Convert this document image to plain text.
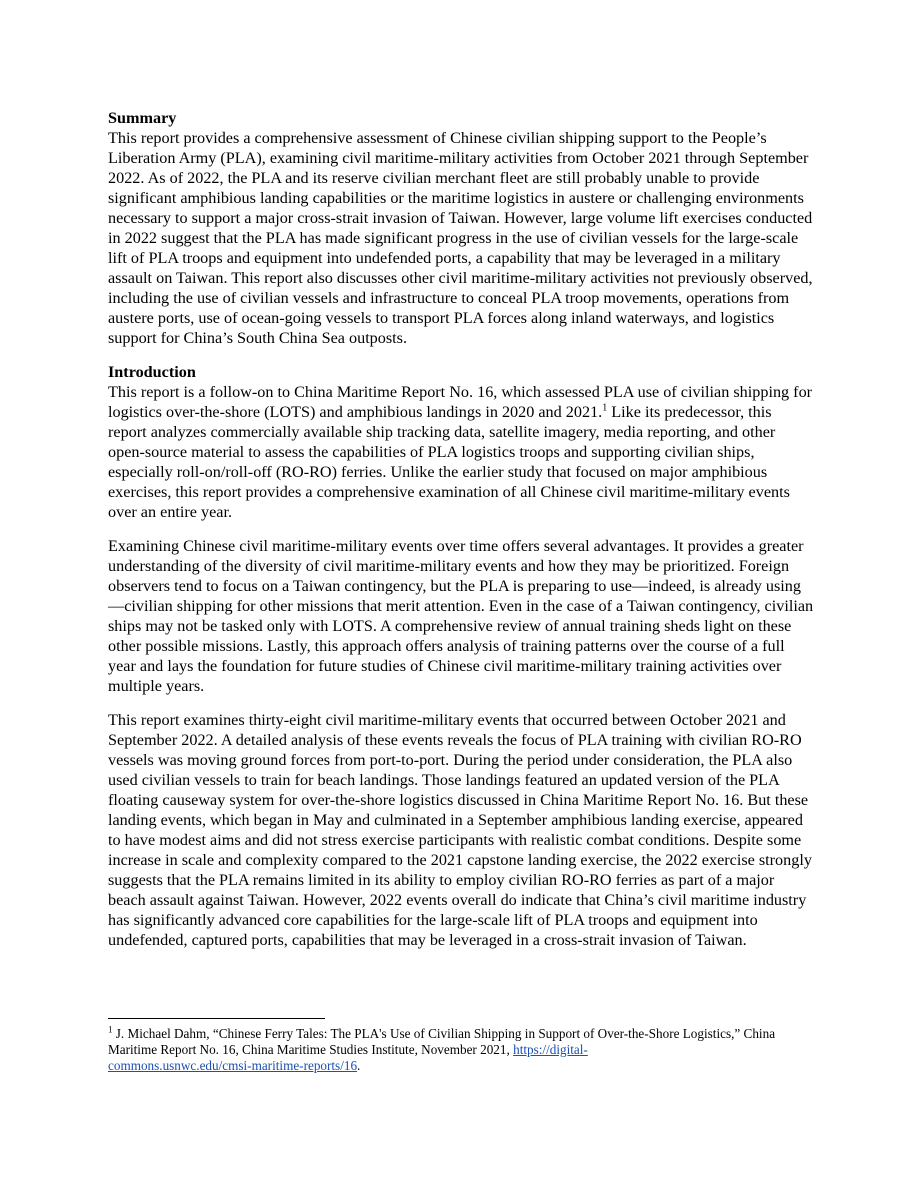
Summary

This report provides a comprehensive assessment of Chinese civilian shipping support to the People’s Liberation Army (PLA), examining civil maritime-military activities from October 2021 through September 2022. As of 2022, the PLA and its reserve civilian merchant fleet are still probably unable to provide significant amphibious landing capabilities or the maritime logistics in austere or challenging environments necessary to support a major cross-strait invasion of Taiwan. However, large volume lift exercises conducted in 2022 suggest that the PLA has made significant progress in the use of civilian vessels for the large-scale lift of PLA troops and equipment into undefended ports, a capability that may be leveraged in a military assault on Taiwan. This report also discusses other civil maritime-military activities not previously observed, including the use of civilian vessels and infrastructure to conceal PLA troop movements, operations from austere ports, use of ocean-going vessels to transport PLA forces along inland waterways, and logistics support for China’s South China Sea outposts.

Introduction

This report is a follow-on to China Maritime Report No. 16, which assessed PLA use of civilian shipping for logistics over-the-shore (LOTS) and amphibious landings in 2020 and 2021.$^1$ Like its predecessor, this report analyzes commercially available ship tracking data, satellite imagery, media reporting, and other open-source material to assess the capabilities of PLA logistics troops and supporting civilian ships, especially roll-on/roll-off (RO-RO) ferries. Unlike the earlier study that focused on major amphibious exercises, this report provides a comprehensive examination of all Chinese civil maritime-military events over an entire year.

Examining Chinese civil maritime-military events over time offers several advantages. It provides a greater understanding of the diversity of civil maritime-military events and how they may be prioritized. Foreign observers tend to focus on a Taiwan contingency, but the PLA is preparing to use—indeed, is already using—civilian shipping for other missions that merit attention. Even in the case of a Taiwan contingency, civilian ships may not be tasked only with LOTS. A comprehensive review of annual training sheds light on these other possible missions. Lastly, this approach offers analysis of training patterns over the course of a full year and lays the foundation for future studies of Chinese civil maritime-military training activities over multiple years.

This report examines thirty-eight civil maritime-military events that occurred between October 2021 and September 2022. A detailed analysis of these events reveals the focus of PLA training with civilian RO-RO vessels was moving ground forces from port-to-port. During the period under consideration, the PLA also used civilian vessels to train for beach landings. Those landings featured an updated version of the PLA floating causeway system for over-the-shore logistics discussed in China Maritime Report No. 16. But these landing events, which began in May and culminated in a September amphibious landing exercise, appeared to have modest aims and did not stress exercise participants with realistic combat conditions. Despite some increase in scale and complexity compared to the 2021 capstone landing exercise, the 2022 exercise strongly suggests that the PLA remains limited in its ability to employ civilian RO-RO ferries as part of a major beach assault against Taiwan. However, 2022 events overall do indicate that China’s civil maritime industry has significantly advanced core capabilities for the large-scale lift of PLA troops and equipment into undefended, captured ports, capabilities that may be leveraged in a cross-strait invasion of Taiwan.

$^1$ J. Michael Dahm, “Chinese Ferry Tales: The PLA's Use of Civilian Shipping in Support of Over-the-Shore Logistics,” China Maritime Report No. 16, China Maritime Studies Institute, November 2021, https://digital-
commons.usnwc.edu/cmsi-maritime-reports/16.
